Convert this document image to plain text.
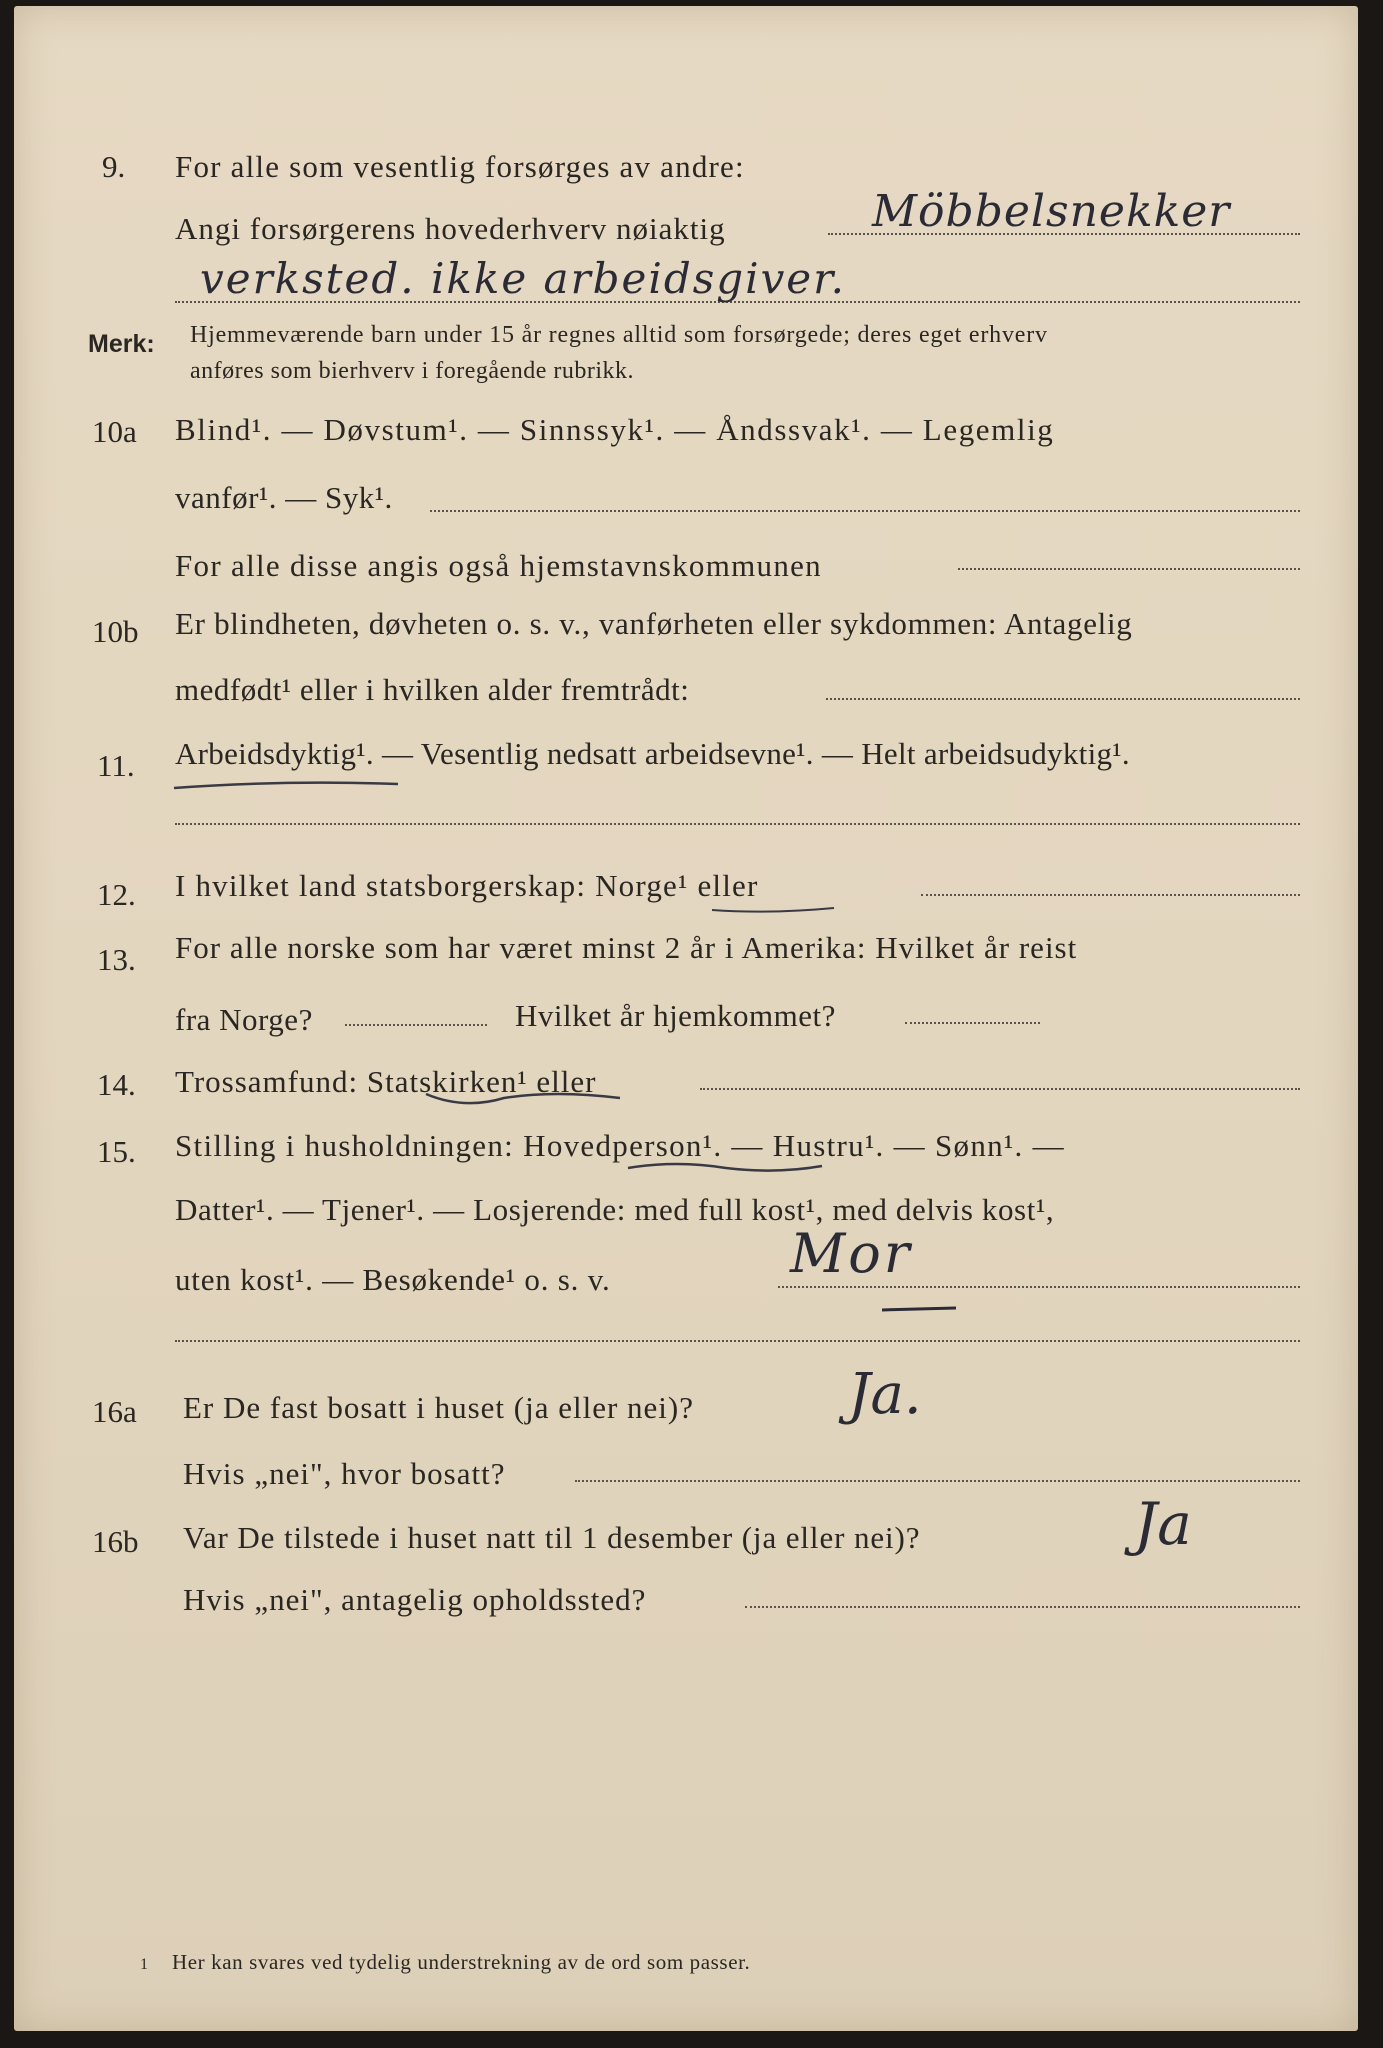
9. For alle som vesentlig forsørges av andre:
Angi forsørgerens hovederhverv nøiaktig	Möbbelsnekker
verksted. ikke arbeidsgiver.
Merk: Hjemmeværende barn under 15 år regnes alltid som forsørgede; deres eget erhverv
anføres som bierhverv i foregående rubrikk.
10a Blind¹. — Døvstum¹. — Sinnssyk¹. — Åndssvak¹. — Legemlig
vanfør¹. — Syk¹.
For alle disse angis også hjemstavnskommunen
10b Er blindheten, døvheten o. s. v., vanførheten eller sykdommen: Antagelig
medfødt¹ eller i hvilken alder fremtrådt:
11. Arbeidsdyktig¹. — Vesentlig nedsatt arbeidsevne¹. — Helt arbeidsudyktig¹.
12. I hvilket land statsborgerskap: Norge¹ eller
13. For alle norske som har været minst 2 år i Amerika: Hvilket år reist
fra Norge?	Hvilket år hjemkommet?
14. Trossamfund: Statskirken¹ eller
15. Stilling i husholdningen: Hovedperson¹. — Hustru¹. — Sønn¹. —
Datter¹. — Tjener¹. — Losjerende: med full kost¹, med delvis kost¹,
uten kost¹. — Besøkende¹ o. s. v.	Mor
16a Er De fast bosatt i huset (ja eller nei)?	Ja.
Hvis „nei", hvor bosatt?
16b Var De tilstede i huset natt til 1 desember (ja eller nei)?	Ja
Hvis „nei", antagelig opholdssted?
1 Her kan svares ved tydelig understrekning av de ord som passer.
